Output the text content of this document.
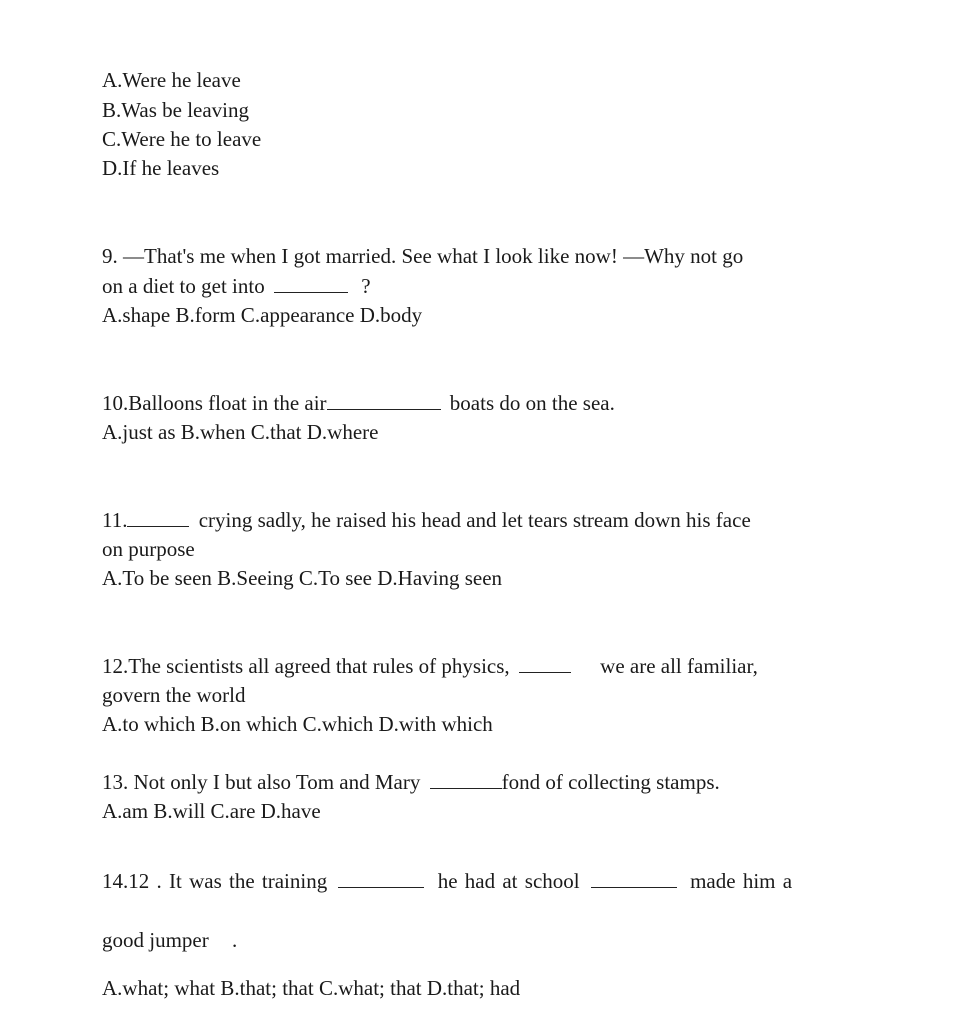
A.Were he leave
B.Was be leaving
C.Were he to leave
D.If he leaves
9. —That's me when I got married. See what I look like now! —Why not go
on a diet to get into	?
A.shape B.form C.appearance D.body
10.Balloons float in the air	boats do on the sea.
A.just as B.when C.that D.where
11.	crying sadly, he raised his head and let tears stream down his face
on purpose
A.To be seen B.Seeing C.To see D.Having seen
12.The scientists all agreed that rules of physics,	we are all familiar,
govern the world
A.to which B.on which C.which D.with which
13. Not only I but also Tom and Mary	fond of collecting stamps.
A.am B.will C.are D.have
14.12 . It was the training	he had at school	made him a
good jumper .
A.what; what B.that; that C.what; that D.that; had
